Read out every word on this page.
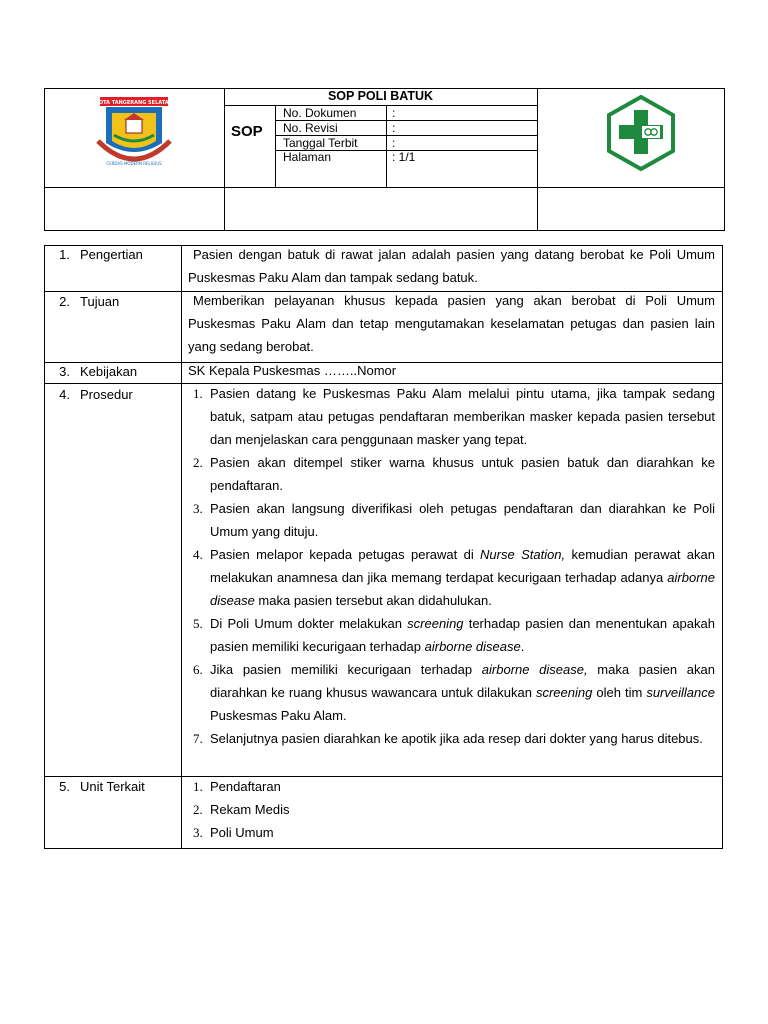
KOTA TANGERANG SELATAN
CERDAS MODERN RELIGIUS
SOP POLI BATUK
SOP
No. Dokumen	:
No. Revisi	:
Tanggal Terbit	:
Halaman	: 1/1
1. Pengertian	Pasien dengan batuk di rawat jalan adalah pasien yang datang berobat ke Poli Umum Puskesmas Paku Alam dan tampak sedang batuk.
2. Tujuan	Memberikan pelayanan khusus kepada pasien yang akan berobat di Poli Umum Puskesmas Paku Alam dan tetap mengutamakan keselamatan petugas dan pasien lain yang sedang berobat.
3. Kebijakan	SK Kepala Puskesmas ……..Nomor
4. Prosedur	1. Pasien datang ke Puskesmas Paku Alam melalui pintu utama, jika tampak sedang batuk, satpam atau petugas pendaftaran memberikan masker kepada pasien tersebut dan menjelaskan cara penggunaan masker yang tepat.
2. Pasien akan ditempel stiker warna khusus untuk pasien batuk dan diarahkan ke pendaftaran.
3. Pasien akan langsung diverifikasi oleh petugas pendaftaran dan diarahkan ke Poli Umum yang dituju.
4. Pasien melapor kepada petugas perawat di Nurse Station, kemudian perawat akan melakukan anamnesa dan jika memang terdapat kecurigaan terhadap adanya airborne disease maka pasien tersebut akan didahulukan.
5. Di Poli Umum dokter melakukan screening terhadap pasien dan menentukan apakah pasien memiliki kecurigaan terhadap airborne disease.
6. Jika pasien memiliki kecurigaan terhadap airborne disease, maka pasien akan diarahkan ke ruang khusus wawancara untuk dilakukan screening oleh tim surveillance Puskesmas Paku Alam.
7. Selanjutnya pasien diarahkan ke apotik jika ada resep dari dokter yang harus ditebus.
5. Unit Terkait	1. Pendaftaran
2. Rekam Medis
3. Poli Umum
